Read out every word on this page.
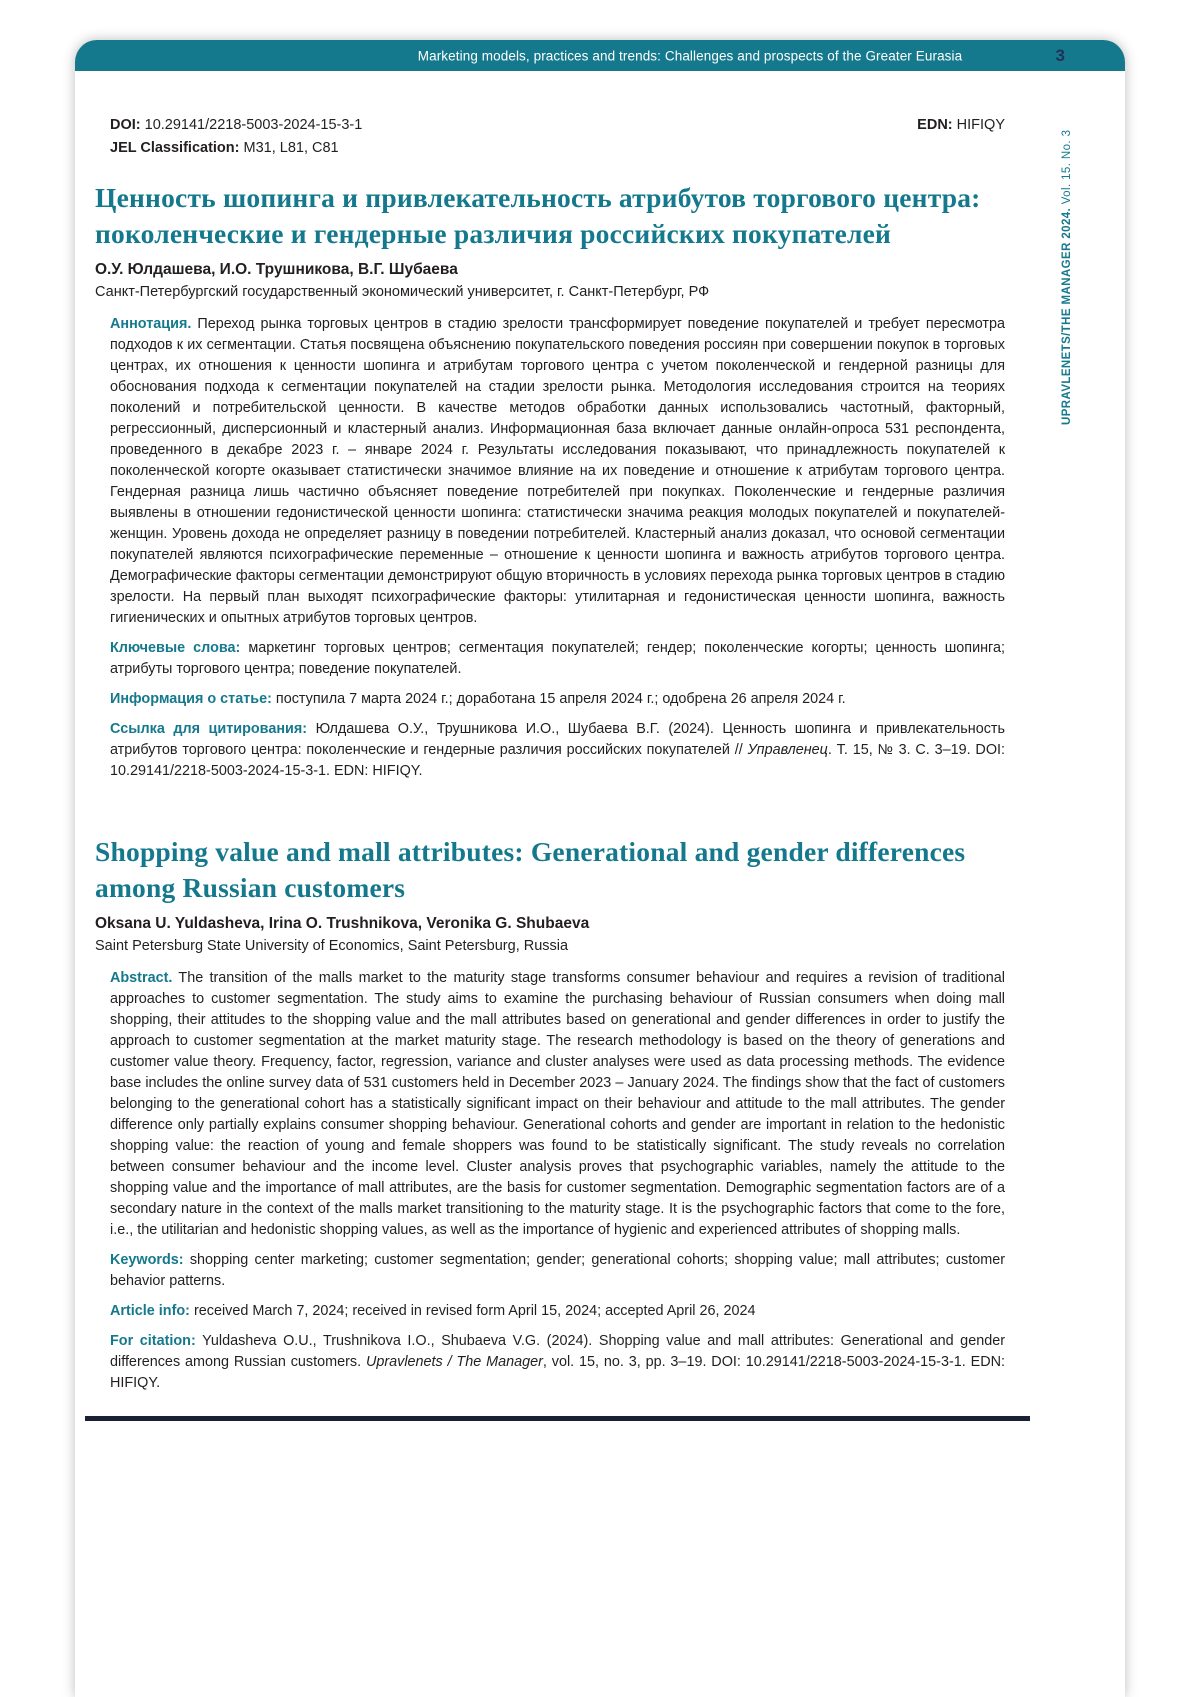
Marketing models, practices and trends: Challenges and prospects of the Greater Eurasia	3
UPRAVLENETS/THE MANAGER 2024. Vol. 15. No. 3
DOI: 10.29141/2218-5003-2024-15-3-1	EDN: HIFIQY
JEL Classification: M31, L81, C81
Ценность шопинга и привлекательность атрибутов торгового центра: поколенческие и гендерные различия российских покупателей
О.У. Юлдашева, И.О. Трушникова, В.Г. Шубаева
Санкт-Петербургский государственный экономический университет, г. Санкт-Петербург, РФ

Аннотация. Переход рынка торговых центров в стадию зрелости трансформирует поведение покупателей и требует пересмотра подходов к их сегментации. Статья посвящена объяснению покупательского поведения россиян при совершении покупок в торговых центрах, их отношения к ценности шопинга и атрибутам торгового центра с учетом поколенческой и гендерной разницы для обоснования подхода к сегментации покупателей на стадии зрелости рынка. Методология исследования строится на теориях поколений и потребительской ценности. В качестве методов обработки данных использовались частотный, факторный, регрессионный, дисперсионный и кластерный анализ. Информационная база включает данные онлайн-опроса 531 респондента, проведенного в декабре 2023 г. – январе 2024 г. Результаты исследования показывают, что принадлежность покупателей к поколенческой когорте оказывает статистически значимое влияние на их поведение и отношение к атрибутам торгового центра. Гендерная разница лишь частично объясняет поведение потребителей при покупках. Поколенческие и гендерные различия выявлены в отношении гедонистической ценности шопинга: статистически значима реакция молодых покупателей и покупателей-женщин. Уровень дохода не определяет разницу в поведении потребителей. Кластерный анализ доказал, что основой сегментации покупателей являются психографические переменные – отношение к ценности шопинга и важность атрибутов торгового центра. Демографические факторы сегментации демонстрируют общую вторичность в условиях перехода рынка торговых центров в стадию зрелости. На первый план выходят психографические факторы: утилитарная и гедонистическая ценности шопинга, важность гигиенических и опытных атрибутов торговых центров.

Ключевые слова: маркетинг торговых центров; сегментация покупателей; гендер; поколенческие когорты; ценность шопинга; атрибуты торгового центра; поведение покупателей.

Информация о статье: поступила 7 марта 2024 г.; доработана 15 апреля 2024 г.; одобрена 26 апреля 2024 г.

Ссылка для цитирования: Юлдашева О.У., Трушникова И.О., Шубаева В.Г. (2024). Ценность шопинга и привлекательность атрибутов торгового центра: поколенческие и гендерные различия российских покупателей // Управленец. Т. 15, № 3. С. 3–19. DOI: 10.29141/2218-5003-2024-15-3-1. EDN: HIFIQY.

Shopping value and mall attributes: Generational and gender differences among Russian customers
Oksana U. Yuldasheva, Irina O. Trushnikova, Veronika G. Shubaeva
Saint Petersburg State University of Economics, Saint Petersburg, Russia

Abstract. The transition of the malls market to the maturity stage transforms consumer behaviour and requires a revision of traditional approaches to customer segmentation. The study aims to examine the purchasing behaviour of Russian consumers when doing mall shopping, their attitudes to the shopping value and the mall attributes based on generational and gender differences in order to justify the approach to customer segmentation at the market maturity stage. The research methodology is based on the theory of generations and customer value theory. Frequency, factor, regression, variance and cluster analyses were used as data processing methods. The evidence base includes the online survey data of 531 customers held in December 2023 – January 2024. The findings show that the fact of customers belonging to the generational cohort has a statistically significant impact on their behaviour and attitude to the mall attributes. The gender difference only partially explains consumer shopping behaviour. Generational cohorts and gender are important in relation to the hedonistic shopping value: the reaction of young and female shoppers was found to be statistically significant. The study reveals no correlation between consumer behaviour and the income level. Cluster analysis proves that psychographic variables, namely the attitude to the shopping value and the importance of mall attributes, are the basis for customer segmentation. Demographic segmentation factors are of a secondary nature in the context of the malls market transitioning to the maturity stage. It is the psychographic factors that come to the fore, i.e., the utilitarian and hedonistic shopping values, as well as the importance of hygienic and experienced attributes of shopping malls.

Keywords: shopping center marketing; customer segmentation; gender; generational cohorts; shopping value; mall attributes; customer behavior patterns.

Article info: received March 7, 2024; received in revised form April 15, 2024; accepted April 26, 2024

For citation: Yuldasheva O.U., Trushnikova I.O., Shubaeva V.G. (2024). Shopping value and mall attributes: Generational and gender differences among Russian customers. Upravlenets / The Manager, vol. 15, no. 3, pp. 3–19. DOI: 10.29141/2218-5003-2024-15-3-1. EDN: HIFIQY.
